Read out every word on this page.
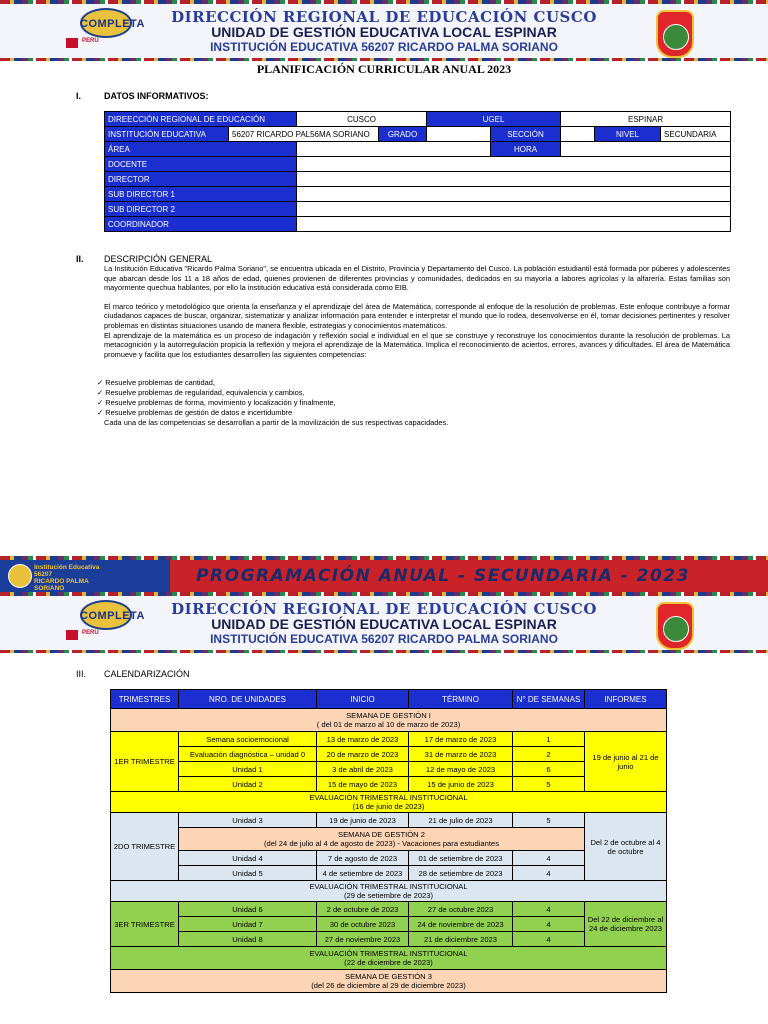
COMPLETA
PERÚ
DIRECCIÓN REGIONAL DE EDUCACIÓN CUSCO
UNIDAD DE GESTIÓN EDUCATIVA LOCAL ESPINAR
INSTITUCIÓN EDUCATIVA 56207 RICARDO PALMA SORIANO
PLANIFICACIÓN CURRICULAR ANUAL 2023
I.	DATOS INFORMATIVOS:
DIREECCIÓN REGIONAL DE EDUCACIÓN		CUSCO		UGEL		ESPINAR		
INSTITUCIÓN EDUCATIVA	56207 RICARDO PAL56MA SORIANO		GRADO		SECCIÓN		NIVEL	SECUNDARIA
ÁREA					HORA			
DOCENTE								
DIRECTOR								
SUB DIRECTOR 1								
SUB DIRECTOR 2								
COORDINADOR								
II. DESCRIPCIÓN GENERAL

La Institución Educativa "Ricardo Palma Soriano", se encuentra ubicada en el Distrito, Provincia y Departamento del Cusco. La población estudiantil está formada por púberes y adolescentes que abarcan desde los 11 a 18 años de edad, quienes provienen de diferentes provincias y comunidades, dedicados en su mayoría a labores agrícolas y la alfarería. Estas familias son mayormente quechua hablantes, por ello la institución educativa está considerada como EIB.

El marco teórico y metodológico que orienta la enseñanza y el aprendizaje del área de Matemática, corresponde al enfoque de la resolución de problemas. Este enfoque contribuye a formar ciudadanos capaces de buscar, organizar, sistematizar y analizar información para entender e interpretar el mundo que lo rodea, desenvolverse en él, tomar decisiones pertinentes y resolver problemas en distintas situaciones usando de manera flexible, estrategias y conocimientos matemáticos.

El aprendizaje de la matemática es un proceso de indagación y reflexión social e individual en el que se construye y reconstruye los conocimientos durante la resolución de problemas. La metacognición y la autorregulación propicia la reflexión y mejora el aprendizaje de la Matemática. Implica el reconocimiento de aciertos, errores, avances y dificultades. El área de Matemática promueve y facilita que los estudiantes desarrollen las siguientes competencias:

✓ Resuelve problemas de cantidad,
✓ Resuelve problemas de regularidad, equivalencia y cambios,
✓ Resuelve problemas de forma, movimiento y localización y finalmente,
✓ Resuelve problemas de gestión de datos e incertidumbre
Cada una de las competencias se desarrollan a partir de la movilización de sus respectivas capacidades.
PROGRAMACIÓN ANUAL - SECUNDARIA - 2023
Institución Educativa
56207
RICARDO PALMA SORIANO
COMPLETA
PERÚ
DIRECCIÓN REGIONAL DE EDUCACIÓN CUSCO
UNIDAD DE GESTIÓN EDUCATIVA LOCAL ESPINAR
INSTITUCIÓN EDUCATIVA 56207 RICARDO PALMA SORIANO
III. CALENDARIZACIÓN
TRIMESTRES	NRO. DE UNIDADES	INICIO	TÉRMINO	N° DE SEMANAS	INFORMES

SEMANA DE GESTIÓN I
( del 01 de marzo al 10 de marzo de 2023)					

1ER TRIMESTRE	Semana socioemocional	13 de marzo de 2023	17 de marzo de 2023	1	19 de junio al 21 de junio
	Evaluación diagnóstica – unidad 0	20 de marzo de 2023	31 de marzo de 2023	2	
	Unidad 1	3 de abril de 2023	12 de mayo de 2023	6	
	Unidad 2	15 de mayo de 2023	15 de junio de 2023	5	

EVALUACIÓN TRIMESTRAL INSTITUCIONAL
(16 de junio de 2023)					

2DO TRIMESTRE	Unidad 3	19 de junio de 2023	21 de julio de 2023	5	Del 2 de octubre al 4 de octubre

	SEMANA DE GESTIÓN 2
(del 24 de julio al 4 de agosto de 2023) - Vacaciones para estudiantes				

	Unidad 4	7 de agosto de 2023	01 de setiembre de 2023	4	
	Unidad 5	4 de setiembre de 2023	28 de setiembre de 2023	4	

EVALUACIÓN TRIMESTRAL INSTITUCIONAL
(29 de setiembre de 2023)					

3ER TRIMESTRE	Unidad 6	2 de octubre de 2023	27 de octubre 2023	4	Del 22 de diciembre al 24 de diciembre 2023
	Unidad 7	30 de octubre 2023	24 de noviembre de 2023	4	
	Unidad 8	27 de noviembre 2023	21 de diciembre 2023	4	

EVALUACIÓN TRIMESTRAL INSTITUCIONAL
(22 de diciembre de 2023)					

SEMANA DE GESTIÓN 3
(del 26 de diciembre al 29 de diciembre 2023)					
